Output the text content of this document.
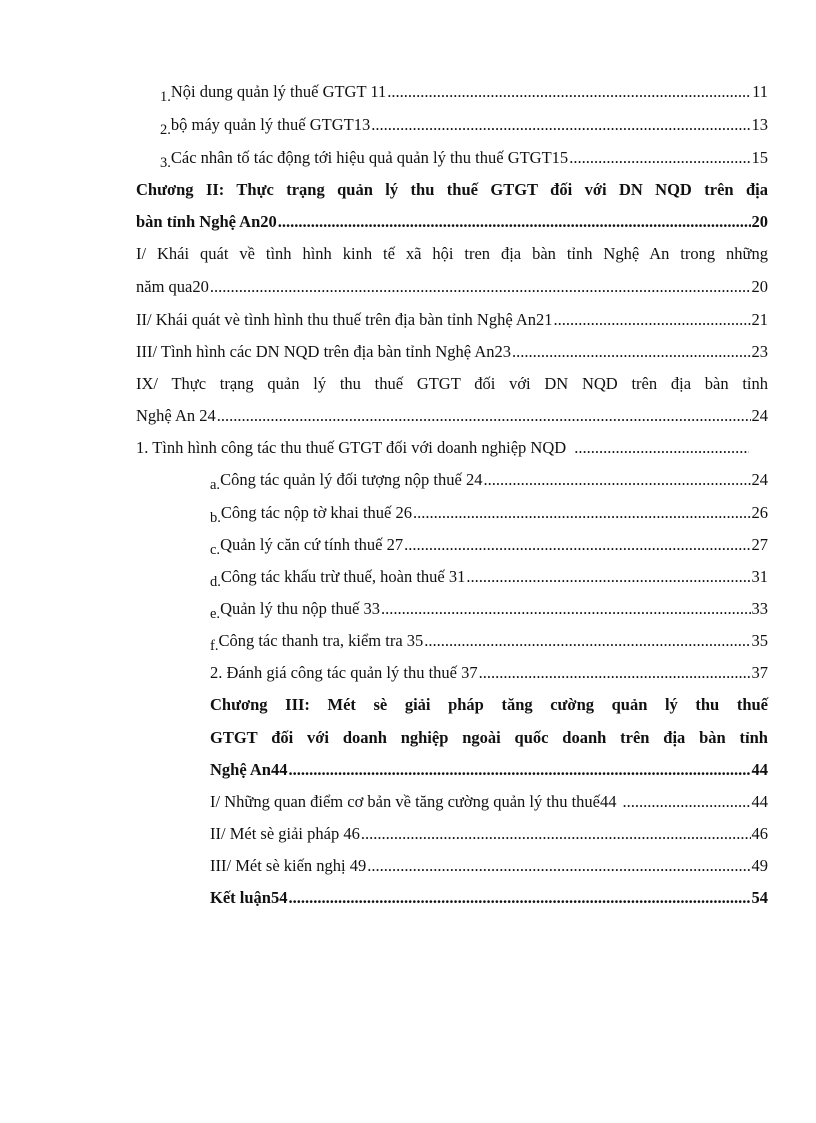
1. Nội dung quản lý thuế GTGT 11 .....	11
2. bộ máy quản lý thuế GTGT13 .....	13
3. Các nhân tố tác động tới hiệu quả quản lý thu thuế GTGT15 .....	15
Chương II: Thực trạng quản lý thu thuế GTGT đối với DN NQD trên địa
bàn tỉnh Nghệ An20 .....	20
I/ Khái quát về tình hình kinh tế xã hội tren địa bàn tỉnh Nghệ An trong những
năm qua20 .....	20
II/ Khái quát vè tình hình thu thuế trên địa bàn tỉnh Nghệ An21 .....	21
III/ Tình hình các DN NQD trên địa bàn tỉnh Nghệ An23 .....	23
IX/ Thực trạng quản lý thu thuế GTGT đối với DN NQD trên địa bàn tỉnh
Nghệ An 24 .....	24
1. Tình hình công tác thu thuế GTGT đối với doanh nghiệp NQD
.....
a. Công tác quản lý đối tượng nộp thuế 24 .....	24
b. Công tác nộp tờ khai thuế 26 .....	26
c. Quản lý căn cứ tính thuế 27 .....	27
d. Công tác khấu trừ thuế, hoàn thuế 31 .....	31
e. Quản lý thu nộp thuế 33 .....	33
f. Công tác thanh tra, kiểm tra 35 .....	35
2. Đánh giá công tác quản lý thu thuế 37 .....	37
Chương III: Mét sè giải pháp tăng cường quản lý thu thuế
GTGT đối với doanh nghiệp ngoài quốc doanh trên địa bàn tỉnh
Nghệ An44 .....	44
I/ Những quan điểm cơ bản về tăng cường quản lý thu thuế44 .....	44
II/ Mét sè giải pháp 46 .....	46
III/ Mét sè kiến nghị 49 .....	49
Kết luận54 .....	54
